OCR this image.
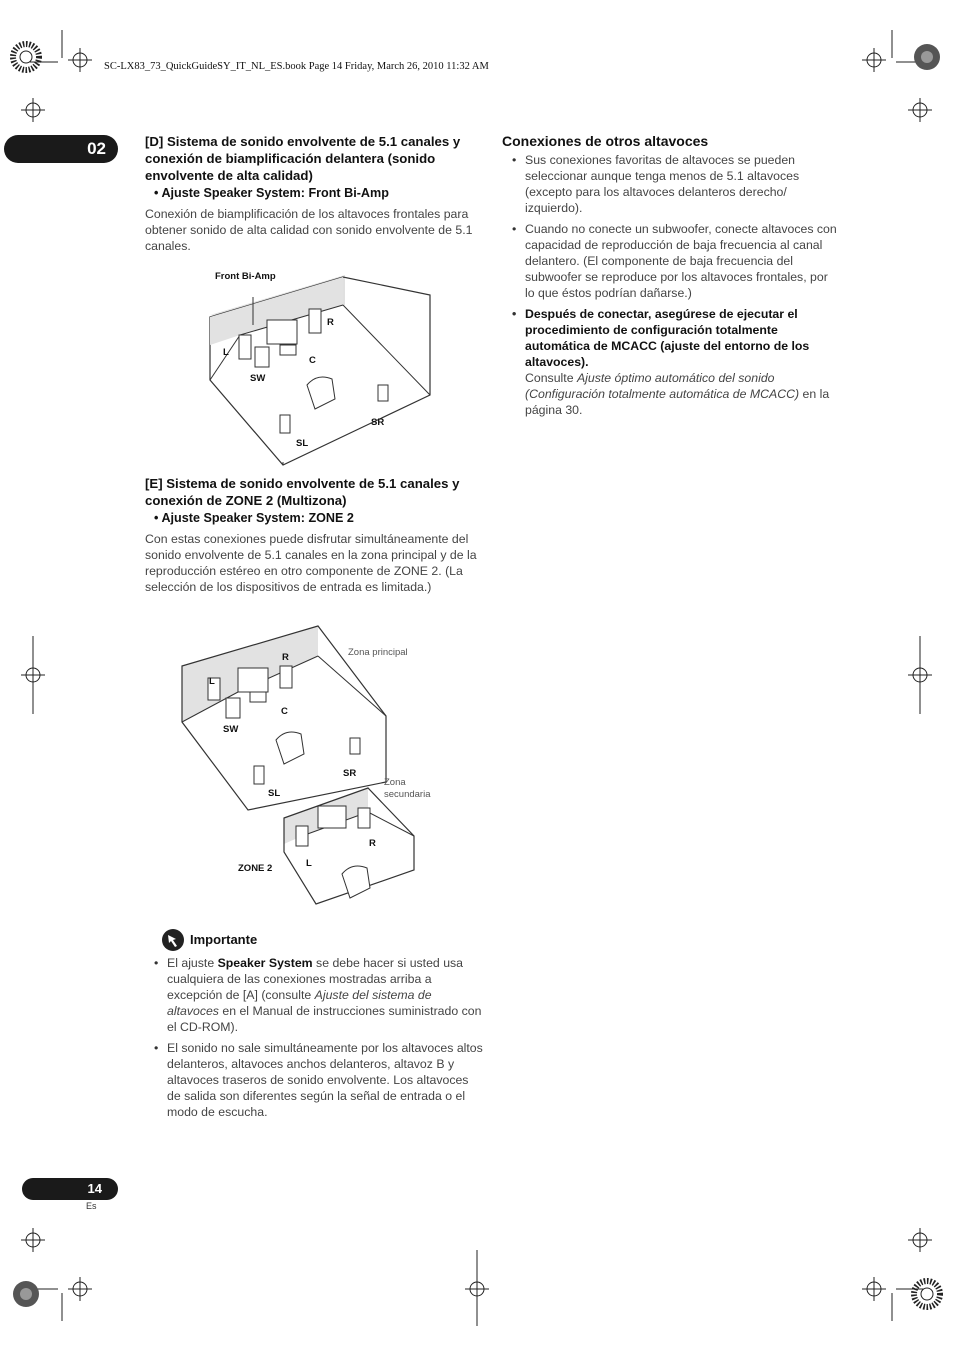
SC-LX83_73_QuickGuideSY_IT_NL_ES.book Page 14 Friday, March 26, 2010 11:32 AM
02	[D] Sistema de sonido envolvente de 5.1 canales y conexión de biamplificación delantera (sonido envolvente de alta calidad)
• Ajuste Speaker System: Front Bi-Amp
Conexión de biamplificación de los altavoces frontales para obtener sonido de alta calidad con sonido envolvente de 5.1 canales.
Front Bi-Amp
L
R
C
SW
SR
SL
[E] Sistema de sonido envolvente de 5.1 canales y conexión de ZONE 2 (Multizona)
• Ajuste Speaker System: ZONE 2
Con estas conexiones puede disfrutar simultáneamente del sonido envolvente de 5.1 canales en la zona principal y de la reproducción estéreo en otro componente de ZONE 2. (La selección de los dispositivos de entrada es limitada.)
Zona principal
Zona
secundaria
R
L
C
SW
SR
SL
R
L
ZONE 2
Importante
• El ajuste Speaker System se debe hacer si usted usa cualquiera de las conexiones mostradas arriba a excepción de [A] (consulte Ajuste del sistema de altavoces en el Manual de instrucciones suministrado con el CD-ROM).
• El sonido no sale simultáneamente por los altavoces altos delanteros, altavoces anchos delanteros, altavoz B y altavoces traseros de sonido envolvente. Los altavoces de salida son diferentes según la señal de entrada o el modo de escucha.
Conexiones de otros altavoces
• Sus conexiones favoritas de altavoces se pueden seleccionar aunque tenga menos de 5.1 altavoces (excepto para los altavoces delanteros derecho/ izquierdo).
• Cuando no conecte un subwoofer, conecte altavoces con capacidad de reproducción de baja frecuencia al canal delantero. (El componente de baja frecuencia del subwoofer se reproduce por los altavoces frontales, por lo que éstos podrían dañarse.)
• Después de conectar, asegúrese de ejecutar el procedimiento de configuración totalmente automática de MCACC (ajuste del entorno de los altavoces).
Consulte Ajuste óptimo automático del sonido (Configuración totalmente automática de MCACC) en la página 30.
14
Es
